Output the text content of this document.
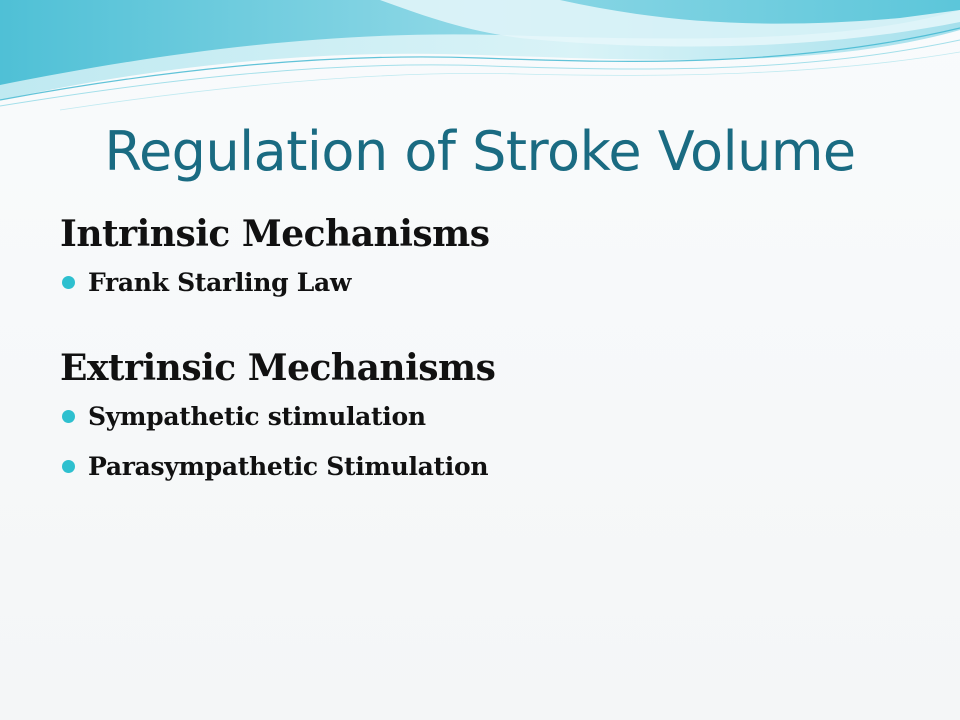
Regulation of Stroke Volume
Intrinsic Mechanisms
Frank Starling Law
Extrinsic Mechanisms
Sympathetic stimulation
Parasympathetic Stimulation
